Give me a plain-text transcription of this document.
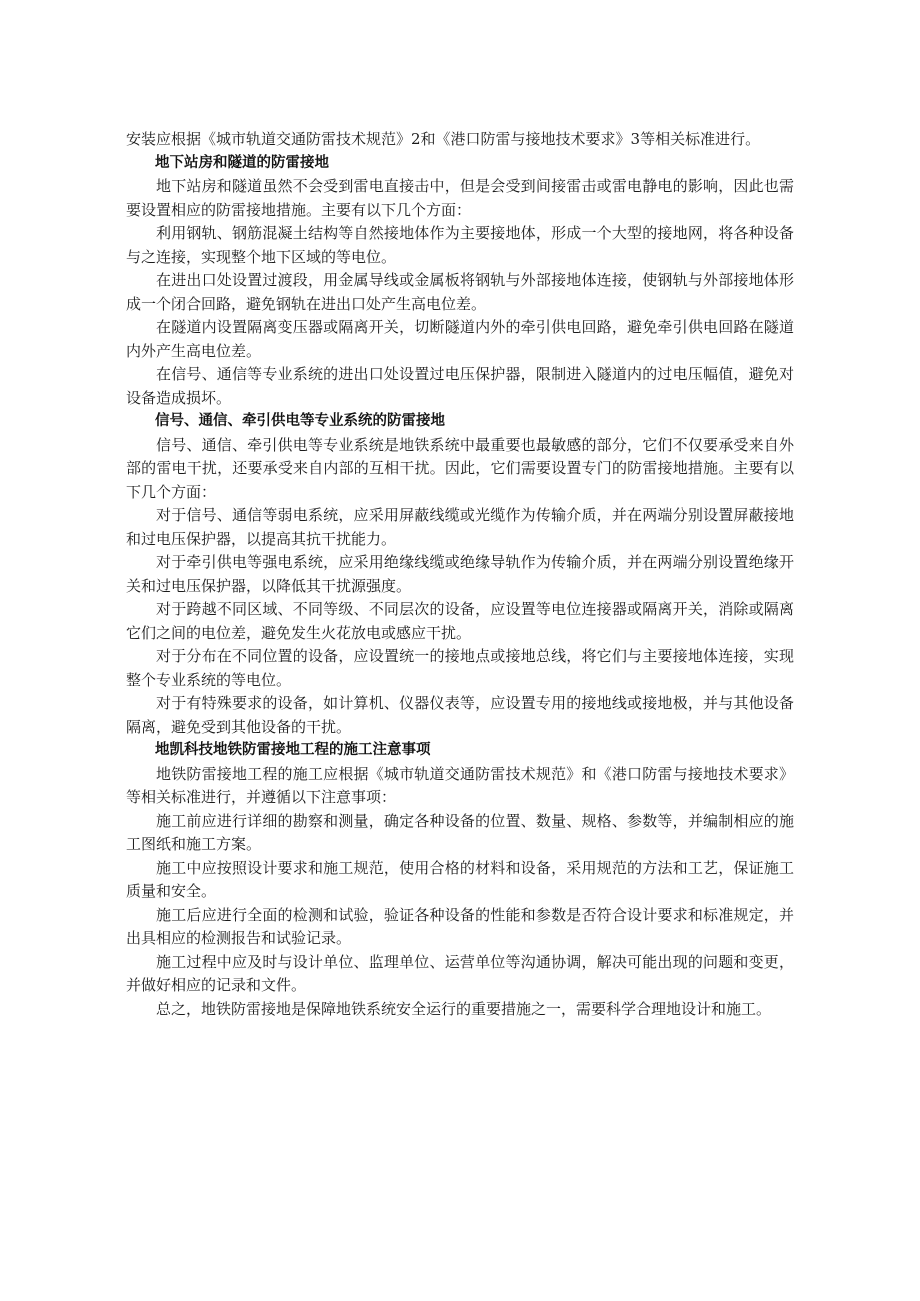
安装应根据《城市轨道交通防雷技术规范》2和《港口防雷与接地技术要求》3等相关标准进行。

地下站房和隧道的防雷接地

地下站房和隧道虽然不会受到雷电直接击中，但是会受到间接雷击或雷电静电的影响，因此也需要设置相应的防雷接地措施。主要有以下几个方面：

利用钢轨、钢筋混凝土结构等自然接地体作为主要接地体，形成一个大型的接地网，将各种设备与之连接，实现整个地下区域的等电位。

在进出口处设置过渡段，用金属导线或金属板将钢轨与外部接地体连接，使钢轨与外部接地体形成一个闭合回路，避免钢轨在进出口处产生高电位差。

在隧道内设置隔离变压器或隔离开关，切断隧道内外的牵引供电回路，避免牵引供电回路在隧道内外产生高电位差。

在信号、通信等专业系统的进出口处设置过电压保护器，限制进入隧道内的过电压幅值，避免对设备造成损坏。

信号、通信、牵引供电等专业系统的防雷接地

信号、通信、牵引供电等专业系统是地铁系统中最重要也最敏感的部分，它们不仅要承受来自外部的雷电干扰，还要承受来自内部的互相干扰。因此，它们需要设置专门的防雷接地措施。主要有以下几个方面：

对于信号、通信等弱电系统，应采用屏蔽线缆或光缆作为传输介质，并在两端分别设置屏蔽接地和过电压保护器，以提高其抗干扰能力。

对于牵引供电等强电系统，应采用绝缘线缆或绝缘导轨作为传输介质，并在两端分别设置绝缘开关和过电压保护器，以降低其干扰源强度。

对于跨越不同区域、不同等级、不同层次的设备，应设置等电位连接器或隔离开关，消除或隔离它们之间的电位差，避免发生火花放电或感应干扰。

对于分布在不同位置的设备，应设置统一的接地点或接地总线，将它们与主要接地体连接，实现整个专业系统的等电位。

对于有特殊要求的设备，如计算机、仪器仪表等，应设置专用的接地线或接地极，并与其他设备隔离，避免受到其他设备的干扰。

地凯科技地铁防雷接地工程的施工注意事项

地铁防雷接地工程的施工应根据《城市轨道交通防雷技术规范》和《港口防雷与接地技术要求》等相关标准进行，并遵循以下注意事项：

施工前应进行详细的勘察和测量，确定各种设备的位置、数量、规格、参数等，并编制相应的施工图纸和施工方案。

施工中应按照设计要求和施工规范，使用合格的材料和设备，采用规范的方法和工艺，保证施工质量和安全。

施工后应进行全面的检测和试验，验证各种设备的性能和参数是否符合设计要求和标准规定，并出具相应的检测报告和试验记录。

施工过程中应及时与设计单位、监理单位、运营单位等沟通协调，解决可能出现的问题和变更，并做好相应的记录和文件。

总之，地铁防雷接地是保障地铁系统安全运行的重要措施之一，需要科学合理地设计和施工。
